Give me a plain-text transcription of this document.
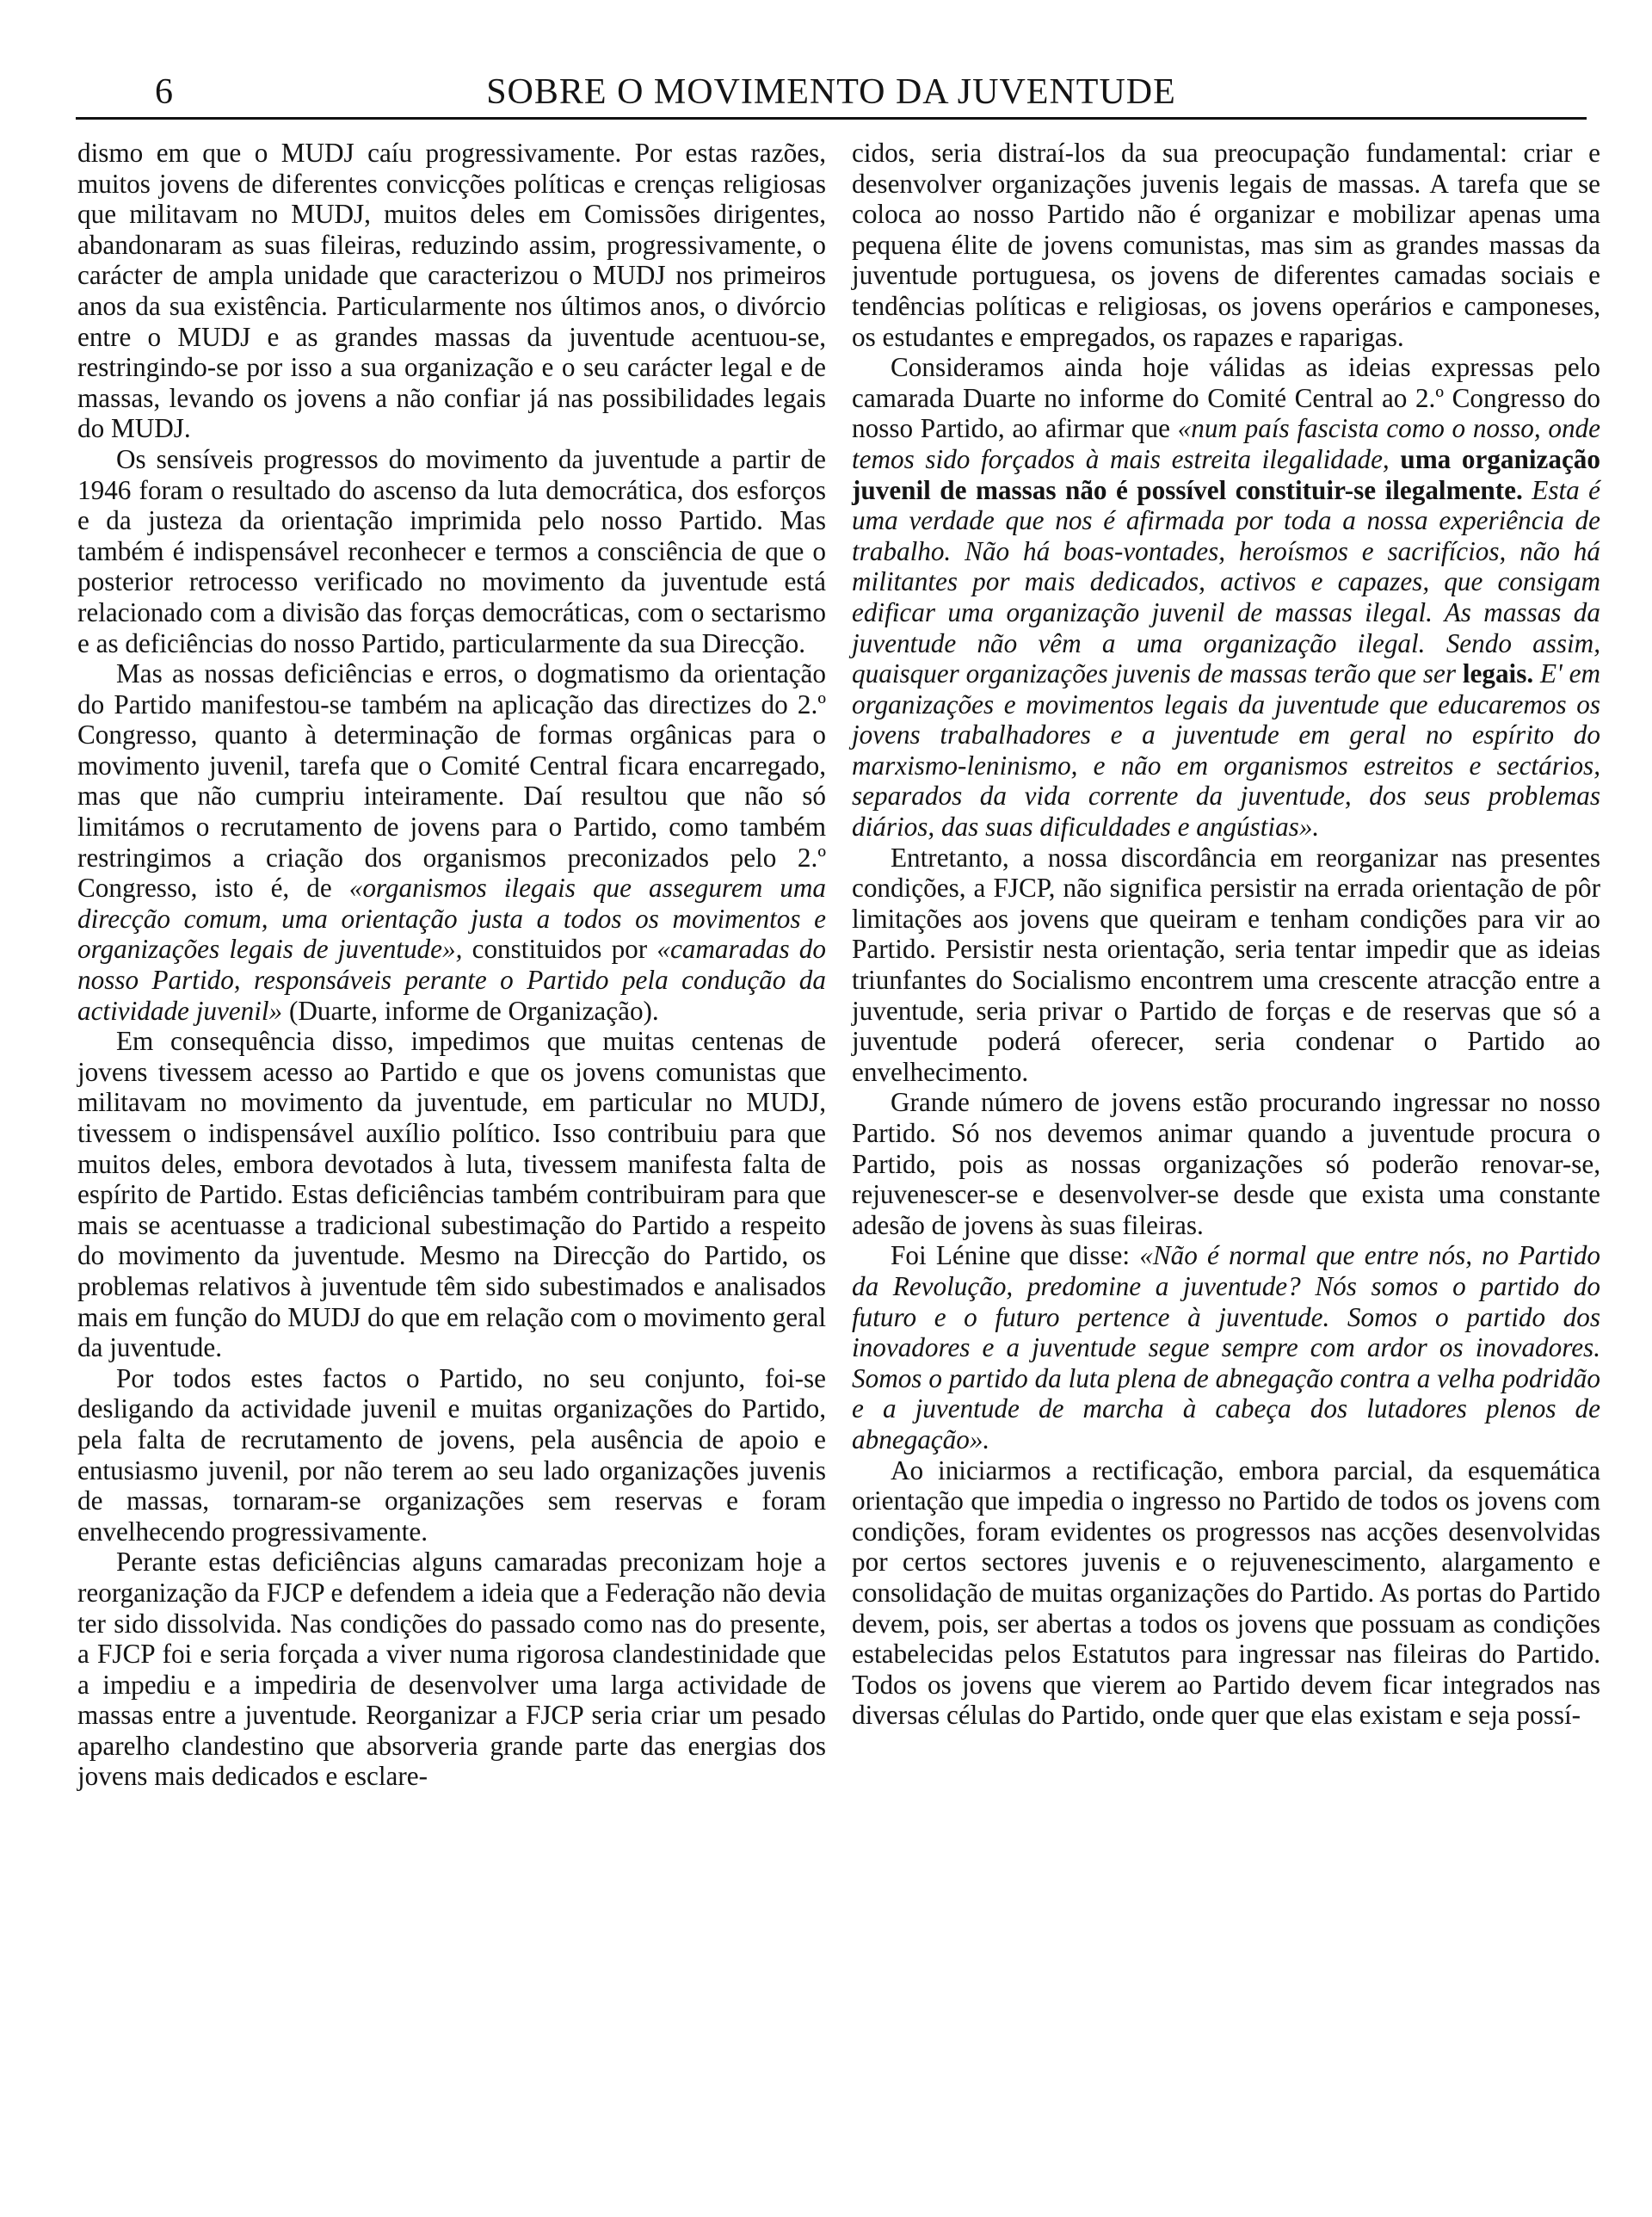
6	SOBRE O MOVIMENTO DA JUVENTUDE

dismo em que o MUDJ caíu progressivamente. Por estas razões, muitos jovens de diferentes convicções políticas e crenças religiosas que militavam no MUDJ, muitos deles em Comissões dirigentes, abandonaram as suas fileiras, reduzindo assim, progressivamente, o carácter de ampla unidade que caracterizou o MUDJ nos primeiros anos da sua existência. Particularmente nos últimos anos, o divórcio entre o MUDJ e as grandes massas da juventude acentuou-se, restringindo-se por isso a sua organização e o seu carácter legal e de massas, levando os jovens a não confiar já nas possibilidades legais do MUDJ.

Os sensíveis progressos do movimento da juventude a partir de 1946 foram o resultado do ascenso da luta democrática, dos esforços e da justeza da orientação imprimida pelo nosso Partido. Mas também é indispensável reconhecer e termos a consciência de que o posterior retrocesso verificado no movimento da juventude está relacionado com a divisão das forças democráticas, com o sectarismo e as deficiências do nosso Partido, particularmente da sua Direcção.

Mas as nossas deficiências e erros, o dogmatismo da orientação do Partido manifestou-se também na aplicação das directizes do 2.º Congresso, quanto à determinação de formas orgânicas para o movimento juvenil, tarefa que o Comité Central ficara encarregado, mas que não cumpriu inteiramente. Daí resultou que não só limitámos o recrutamento de jovens para o Partido, como também restringimos a criação dos organismos preconizados pelo 2.º Congresso, isto é, de «organismos ilegais que assegurem uma direcção comum, uma orientação justa a todos os movimentos e organizações legais de juventude», constituidos por «camaradas do nosso Partido, responsáveis perante o Partido pela condução da actividade juvenil» (Duarte, informe de Organização).

Em consequência disso, impedimos que muitas centenas de jovens tivessem acesso ao Partido e que os jovens comunistas que militavam no movimento da juventude, em particular no MUDJ, tivessem o indispensável auxílio político. Isso contribuiu para que muitos deles, embora devotados à luta, tivessem manifesta falta de espírito de Partido. Estas deficiências também contribuiram para que mais se acentuasse a tradicional subestimação do Partido a respeito do movimento da juventude. Mesmo na Direcção do Partido, os problemas relativos à juventude têm sido subestimados e analisados mais em função do MUDJ do que em relação com o movimento geral da juventude.

Por todos estes factos o Partido, no seu conjunto, foi-se desligando da actividade juvenil e muitas organizações do Partido, pela falta de recrutamento de jovens, pela ausência de apoio e entusiasmo juvenil, por não terem ao seu lado organizações juvenis de massas, tornaram-se organizações sem reservas e foram envelhecendo progressivamente.

Perante estas deficiências alguns camaradas preconizam hoje a reorganização da FJCP e defendem a ideia que a Federação não devia ter sido dissolvida. Nas condições do passado como nas do presente, a FJCP foi e seria forçada a viver numa rigorosa clandestinidade que a impediu e a impediria de desenvolver uma larga actividade de massas entre a juventude. Reorganizar a FJCP seria criar um pesado aparelho clandestino que absorveria grande parte das energias dos jovens mais dedicados e esclare-

cidos, seria distraí-los da sua preocupação fundamental: criar e desenvolver organizações juvenis legais de massas. A tarefa que se coloca ao nosso Partido não é organizar e mobilizar apenas uma pequena élite de jovens comunistas, mas sim as grandes massas da juventude portuguesa, os jovens de diferentes camadas sociais e tendências políticas e religiosas, os jovens operários e camponeses, os estudantes e empregados, os rapazes e raparigas.

Consideramos ainda hoje válidas as ideias expressas pelo camarada Duarte no informe do Comité Central ao 2.º Congresso do nosso Partido, ao afirmar que «num país fascista como o nosso, onde temos sido forçados à mais estreita ilegalidade, uma organização juvenil de massas não é possível constituir-se ilegalmente. Esta é uma verdade que nos é afirmada por toda a nossa experiência de trabalho. Não há boas-vontades, heroísmos e sacrifícios, não há militantes por mais dedicados, activos e capazes, que consigam edificar uma organização juvenil de massas ilegal. As massas da juventude não vêm a uma organização ilegal. Sendo assim, quaisquer organizações juvenis de massas terão que ser legais. E' em organizações e movimentos legais da juventude que educaremos os jovens trabalhadores e a juventude em geral no espírito do marxismo-leninismo, e não em organismos estreitos e sectários, separados da vida corrente da juventude, dos seus problemas diários, das suas dificuldades e angústias».

Entretanto, a nossa discordância em reorganizar nas presentes condições, a FJCP, não significa persistir na errada orientação de pôr limitações aos jovens que queiram e tenham condições para vir ao Partido. Persistir nesta orientação, seria tentar impedir que as ideias triunfantes do Socialismo encontrem uma crescente atracção entre a juventude, seria privar o Partido de forças e de reservas que só a juventude poderá oferecer, seria condenar o Partido ao envelhecimento.

Grande número de jovens estão procurando ingressar no nosso Partido. Só nos devemos animar quando a juventude procura o Partido, pois as nossas organizações só poderão renovar-se, rejuvenescer-se e desenvolver-se desde que exista uma constante adesão de jovens às suas fileiras.

Foi Lénine que disse: «Não é normal que entre nós, no Partido da Revolução, predomine a juventude? Nós somos o partido do futuro e o futuro pertence à juventude. Somos o partido dos inovadores e a juventude segue sempre com ardor os inovadores. Somos o partido da luta plena de abnegação contra a velha podridão e a juventude de marcha à cabeça dos lutadores plenos de abnegação».

Ao iniciarmos a rectificação, embora parcial, da esquemática orientação que impedia o ingresso no Partido de todos os jovens com condições, foram evidentes os progressos nas acções desenvolvidas por certos sectores juvenis e o rejuvenescimento, alargamento e consolidação de muitas organizações do Partido. As portas do Partido devem, pois, ser abertas a todos os jovens que possuam as condições estabelecidas pelos Estatutos para ingressar nas fileiras do Partido. Todos os jovens que vierem ao Partido devem ficar integrados nas diversas células do Partido, onde quer que elas existam e seja possí-
